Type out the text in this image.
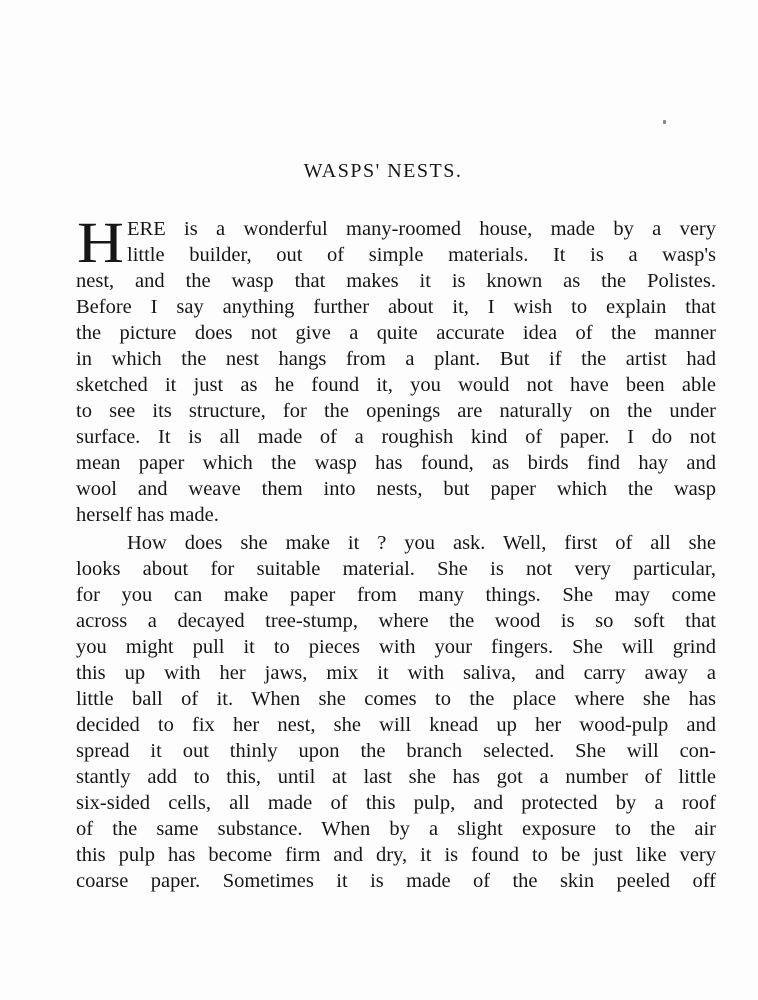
WASPS' NESTS.
H ERE is a wonderful many-roomed house, made by a very
little builder, out of simple materials. It is a wasp's
nest, and the wasp that makes it is known as the Polistes.
Before I say anything further about it, I wish to explain that
the picture does not give a quite accurate idea of the manner
in which the nest hangs from a plant. But if the artist had
sketched it just as he found it, you would not have been able
to see its structure, for the openings are naturally on the under
surface. It is all made of a roughish kind of paper. I do not
mean paper which the wasp has found, as birds find hay and
wool and weave them into nests, but paper which the wasp
herself has made.
How does she make it ? you ask. Well, first of all she
looks about for suitable material. She is not very particular,
for you can make paper from many things. She may come
across a decayed tree-stump, where the wood is so soft that
you might pull it to pieces with your fingers. She will grind
this up with her jaws, mix it with saliva, and carry away a
little ball of it. When she comes to the place where she has
decided to fix her nest, she will knead up her wood-pulp and
spread it out thinly upon the branch selected. She will con-
stantly add to this, until at last she has got a number of little
six-sided cells, all made of this pulp, and protected by a roof
of the same substance. When by a slight exposure to the air
this pulp has become firm and dry, it is found to be just like very
coarse paper. Sometimes it is made of the skin peeled off
